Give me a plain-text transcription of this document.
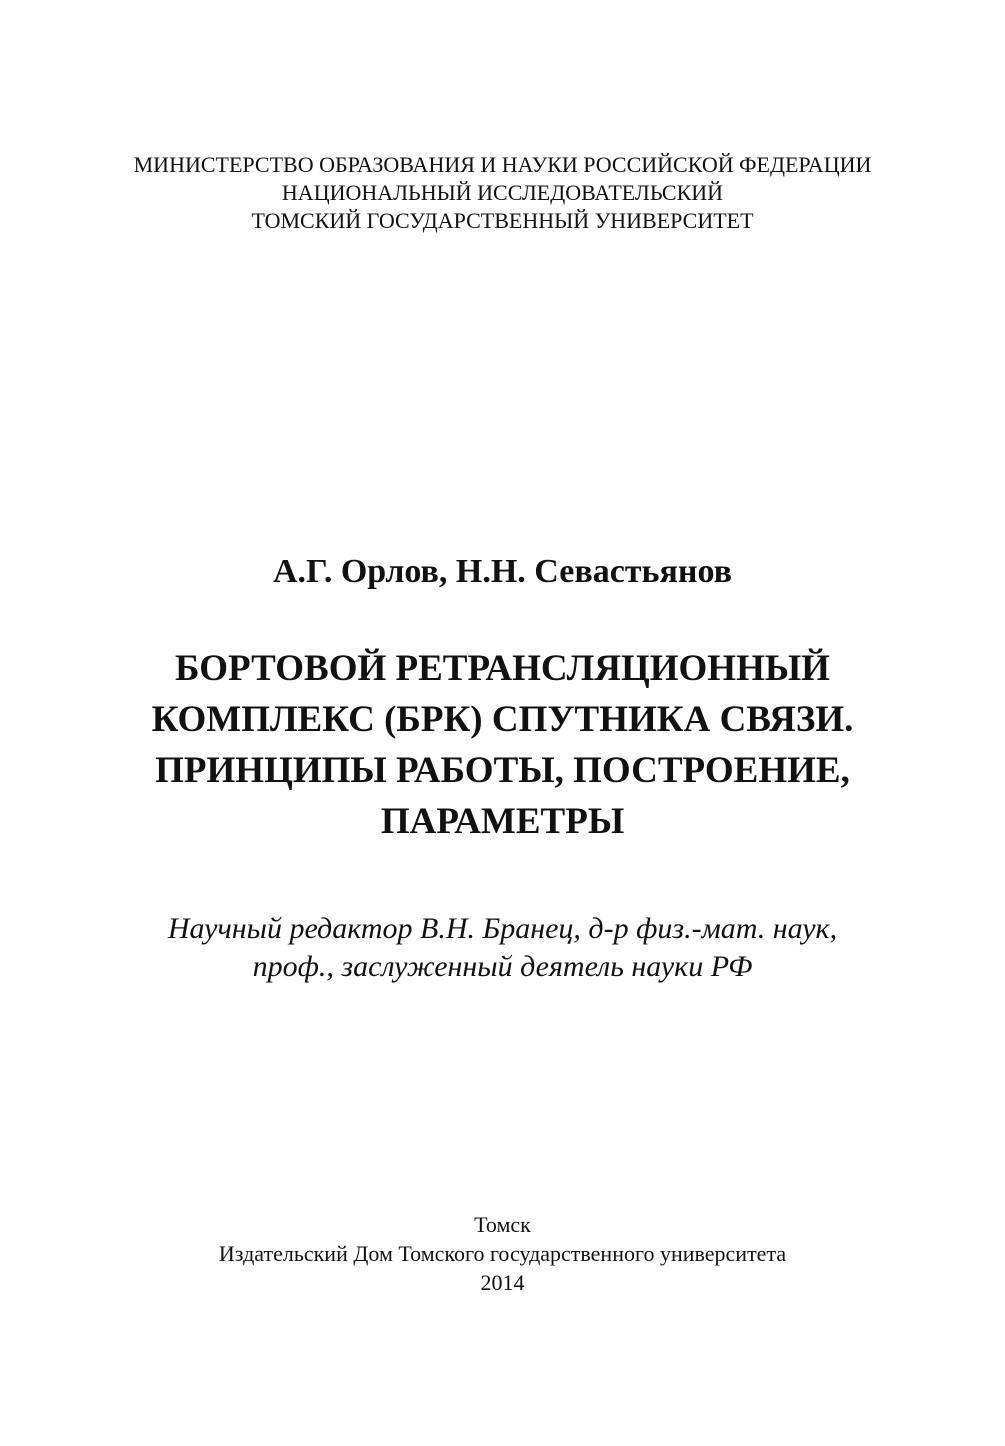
МИНИСТЕРСТВО ОБРАЗОВАНИЯ И НАУКИ РОССИЙСКОЙ ФЕДЕРАЦИИ
НАЦИОНАЛЬНЫЙ ИССЛЕДОВАТЕЛЬСКИЙ
ТОМСКИЙ ГОСУДАРСТВЕННЫЙ УНИВЕРСИТЕТ
А.Г. Орлов, Н.Н. Севастьянов
БОРТОВОЙ РЕТРАНСЛЯЦИОННЫЙ
КОМПЛЕКС (БРК) СПУТНИКА СВЯЗИ.
ПРИНЦИПЫ РАБОТЫ, ПОСТРОЕНИЕ,
ПАРАМЕТРЫ
Научный редактор В.Н. Бранец, д-р физ.-мат. наук,
проф., заслуженный деятель науки РФ
Томск
Издательский Дом Томского государственного университета
2014
